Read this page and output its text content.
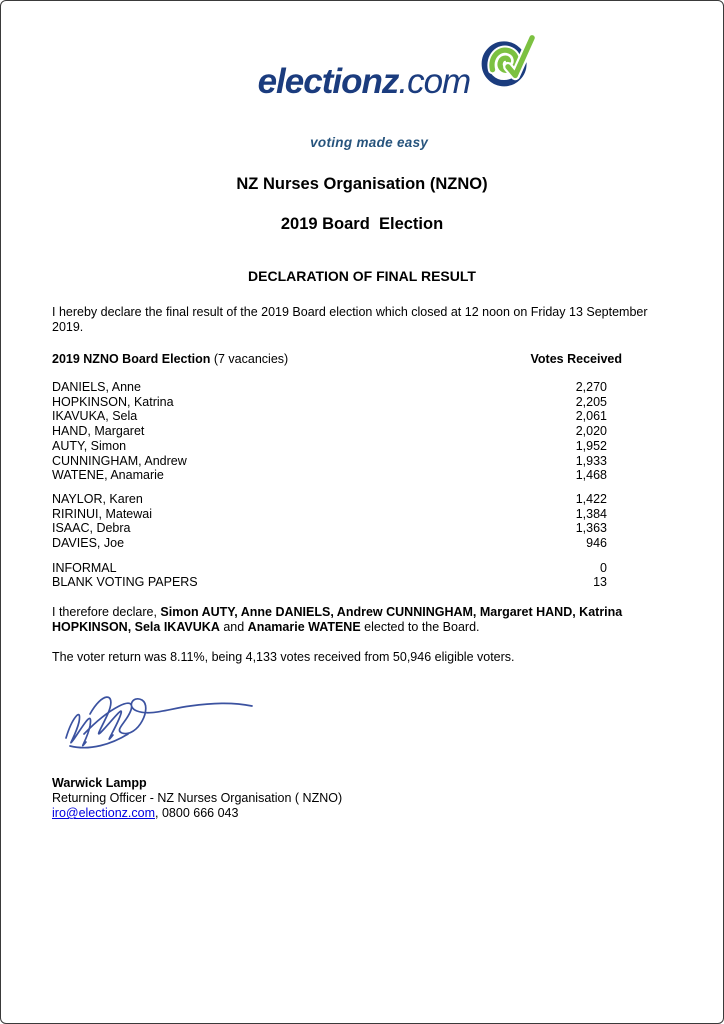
electionz.com

voting made easy
NZ Nurses Organisation (NZNO)
2019 Board  Election
DECLARATION OF FINAL RESULT

I hereby declare the final result of the 2019 Board election which closed at 12 noon on Friday 13 September 2019.

2019 NZNO Board Election (7 vacancies)	Votes Received
DANIELS, Anne	2,270
HOPKINSON, Katrina	2,205
IKAVUKA, Sela	2,061
HAND, Margaret	2,020
AUTY, Simon	1,952
CUNNINGHAM, Andrew	1,933
WATENE, Anamarie	1,468
NAYLOR, Karen	1,422
RIRINUI, Matewai	1,384
ISAAC, Debra	1,363
DAVIES, Joe	946
INFORMAL	0
BLANK VOTING PAPERS	13

I therefore declare, Simon AUTY, Anne DANIELS, Andrew CUNNINGHAM, Margaret HAND, Katrina HOPKINSON, Sela IKAVUKA and Anamarie WATENE elected to the Board.

The voter return was 8.11%, being 4,133 votes received from 50,946 eligible voters.

Warwick Lampp
Returning Officer - NZ Nurses Organisation ( NZNO)
iro@electionz.com, 0800 666 043
